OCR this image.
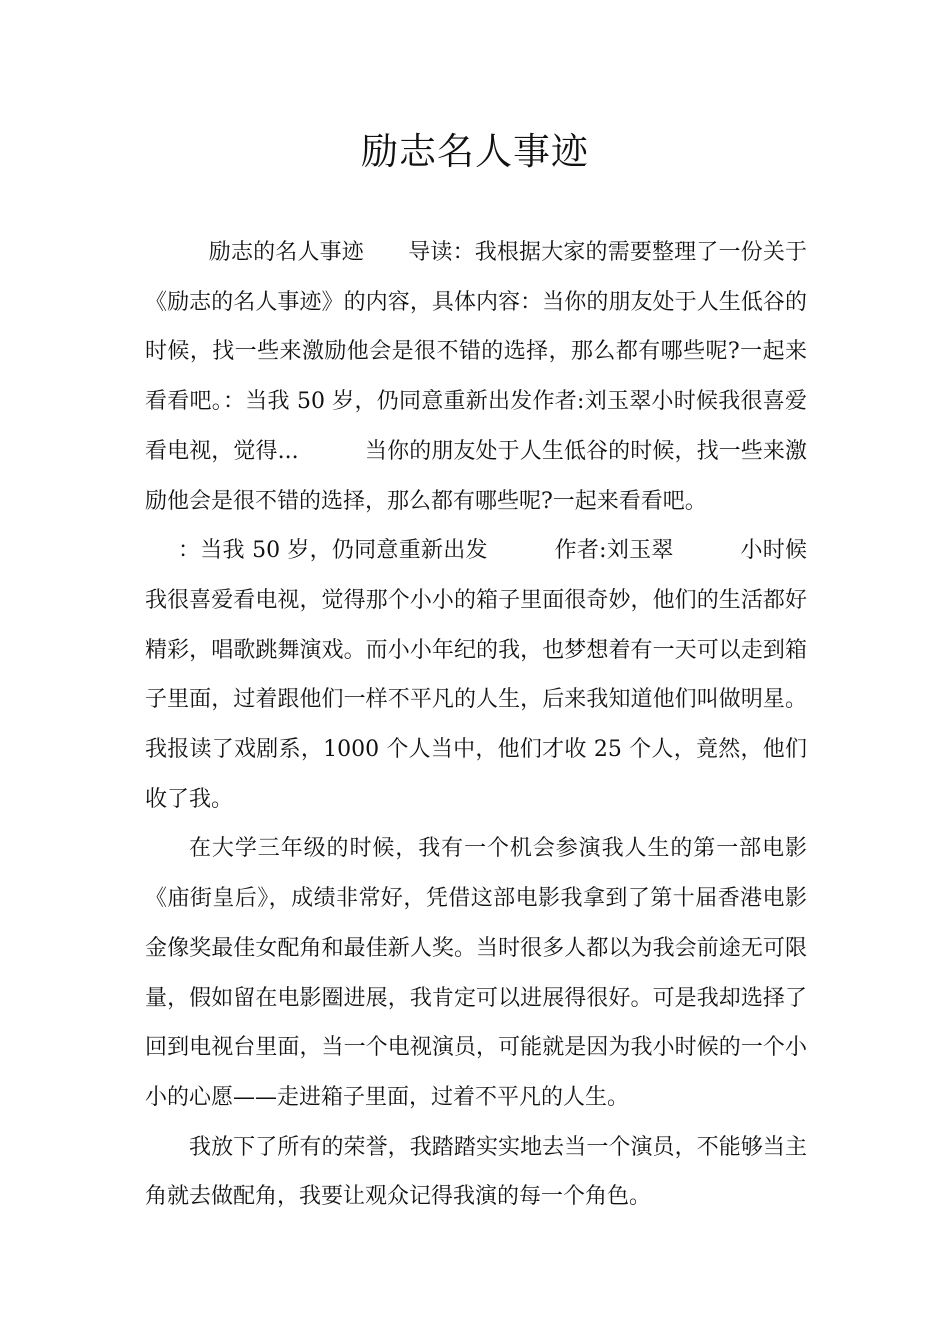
励志名人事迹

励志的名人事迹　　导读：我根据大家的需要整理了一份关于《励志的名人事迹》的内容，具体内容：当你的朋友处于人生低谷的时候，找一些来激励他会是很不错的选择，那么都有哪些呢?一起来看看吧。：当我 50 岁，仍同意重新出发作者:刘玉翠小时候我很喜爱看电视，觉得...　　　当你的朋友处于人生低谷的时候，找一些来激励他会是很不错的选择，那么都有哪些呢?一起来看看吧。

：当我 50 岁，仍同意重新出发　　　作者:刘玉翠　　　小时候我很喜爱看电视，觉得那个小小的箱子里面很奇妙，他们的生活都好精彩，唱歌跳舞演戏。而小小年纪的我，也梦想着有一天可以走到箱子里面，过着跟他们一样不平凡的人生，后来我知道他们叫做明星。我报读了戏剧系，1000 个人当中，他们才收 25 个人，竟然，他们收了我。

在大学三年级的时候，我有一个机会参演我人生的第一部电影《庙街皇后》，成绩非常好，凭借这部电影我拿到了第十届香港电影金像奖最佳女配角和最佳新人奖。当时很多人都以为我会前途无可限量，假如留在电影圈进展，我肯定可以进展得很好。可是我却选择了回到电视台里面，当一个电视演员，可能就是因为我小时候的一个小小的心愿——走进箱子里面，过着不平凡的人生。

我放下了所有的荣誉，我踏踏实实地去当一个演员，不能够当主角就去做配角，我要让观众记得我演的每一个角色。
